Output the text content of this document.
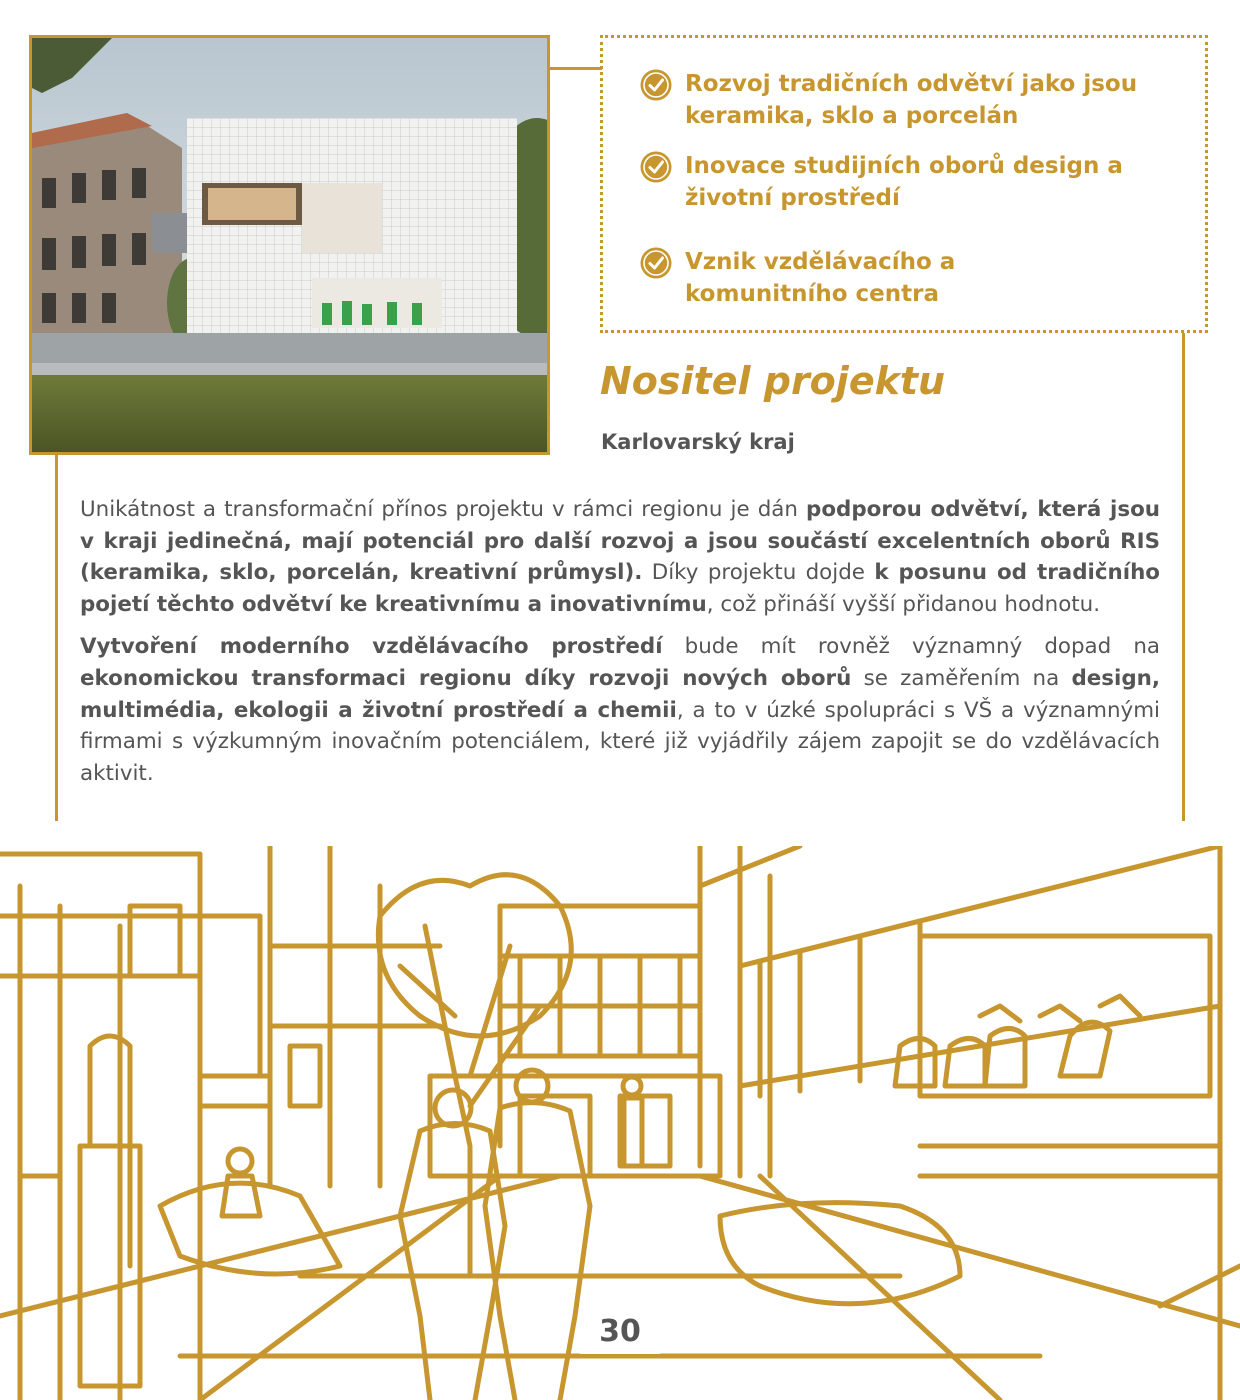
Rozvoj tradičních odvětví jako jsou keramika, sklo a porcelán
Inovace studijních oborů design a životní prostředí
Vznik vzdělávacího a komunitního centra
Nositel projektu
Karlovarský kraj

Unikátnost a transformační přínos projektu v rámci regionu je dán podporou odvětví, která jsou v kraji jedinečná, mají potenciál pro další rozvoj a jsou součástí excelentních oborů RIS (keramika, sklo, porcelán, kreativní průmysl). Díky projektu dojde k posunu od tradičního pojetí těchto odvětví ke kreativnímu a inovativnímu, což přináší vyšší přidanou hodnotu.

Vytvoření moderního vzdělávacího prostředí bude mít rovněž významný dopad na ekonomickou transformaci regionu díky rozvoji nových oborů se zaměřením na design, multimédia, ekologii a životní prostředí a chemii, a to v úzké spolupráci s VŠ a významnými firmami s výzkumným inovačním potenciálem, které již vyjádřily zájem zapojit se do vzdělávacích aktivit.

30
